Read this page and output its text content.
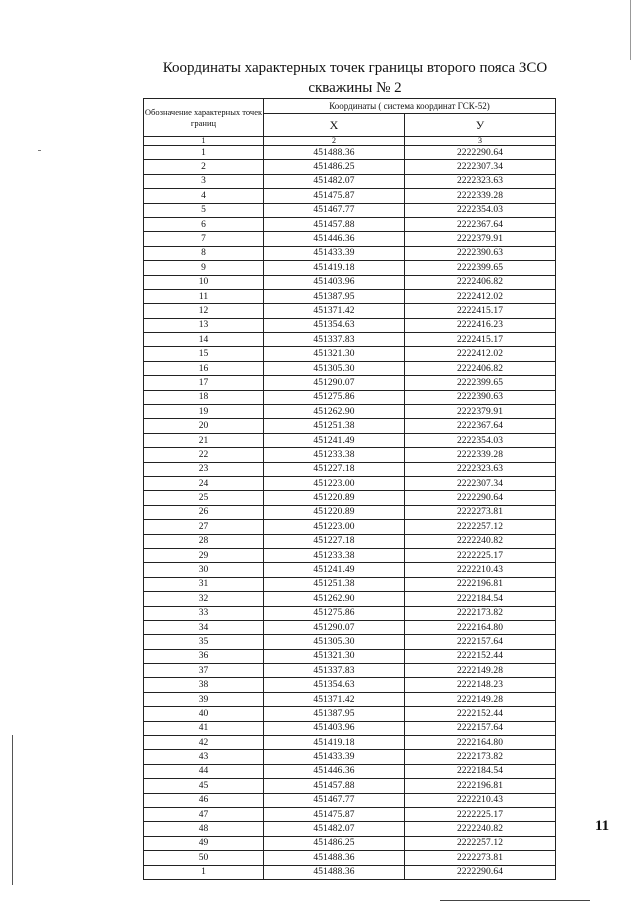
Координаты характерных точек границы второго пояса ЗСО
скважины № 2
Обозначение характерных точек границ	Координаты ( система координат ГСК-52)	
	X	У
1	2	3
1	451488.36	2222290.64
2	451486.25	2222307.34
3	451482.07	2222323.63
4	451475.87	2222339.28
5	451467.77	2222354.03
6	451457.88	2222367.64
7	451446.36	2222379.91
8	451433.39	2222390.63
9	451419.18	2222399.65
10	451403.96	2222406.82
11	451387.95	2222412.02
12	451371.42	2222415.17
13	451354.63	2222416.23
14	451337.83	2222415.17
15	451321.30	2222412.02
16	451305.30	2222406.82
17	451290.07	2222399.65
18	451275.86	2222390.63
19	451262.90	2222379.91
20	451251.38	2222367.64
21	451241.49	2222354.03
22	451233.38	2222339.28
23	451227.18	2222323.63
24	451223.00	2222307.34
25	451220.89	2222290.64
26	451220.89	2222273.81
27	451223.00	2222257.12
28	451227.18	2222240.82
29	451233.38	2222225.17
30	451241.49	2222210.43
31	451251.38	2222196.81
32	451262.90	2222184.54
33	451275.86	2222173.82
34	451290.07	2222164.80
35	451305.30	2222157.64
36	451321.30	2222152.44
37	451337.83	2222149.28
38	451354.63	2222148.23
39	451371.42	2222149.28
40	451387.95	2222152.44
41	451403.96	2222157.64
42	451419.18	2222164.80
43	451433.39	2222173.82
44	451446.36	2222184.54
45	451457.88	2222196.81
46	451467.77	2222210.43
47	451475.87	2222225.17
48	451482.07	2222240.82
49	451486.25	2222257.12
50	451488.36	2222273.81
1	451488.36	2222290.64
11
